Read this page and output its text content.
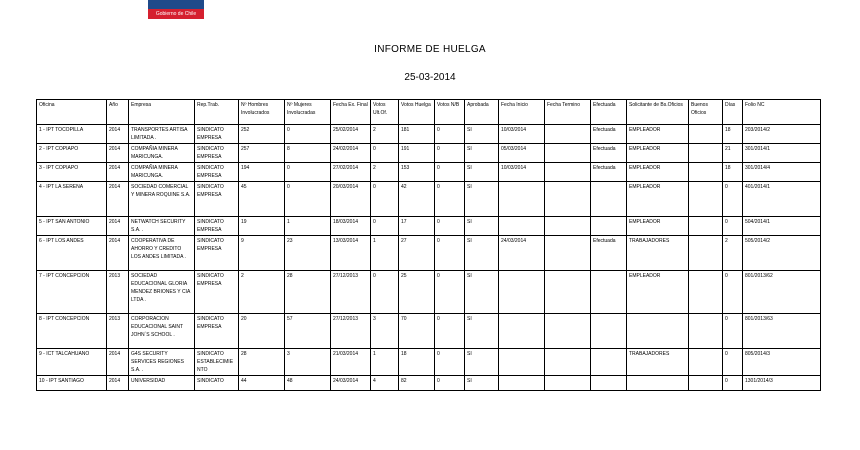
Gobierno de Chile
INFORME DE HUELGA
25-03-2014
Oficina	Año	Empresa	Rep.Trab.	Nº Hombres Involucrados	Nº Mujeres Involucradas	Fecha Ex. Final	Votos Ult.Of.	Votos Huelga	Votos N/B	Aprobada	Fecha Inicio	Fecha Termino	Efectuada	Solicitante de Bs.Oficios	Buenos Oficios	Días	Folio NC
1 - IPT TOCOPILLA	2014	TRANSPORTES ARTISA LIMITADA .	SINDICATO EMPRESA	252	0	25/02/2014	2	181	0	SI	10/03/2014		Efectuada	EMPLEADOR		18	203/2014/2
2 - IPT COPIAPO	2014	COMPAÑIA MINERA MARICUNGA.	SINDICATO EMPRESA	257	8	24/02/2014	0	191	0	SI	05/03/2014		Efectuada	EMPLEADOR		21	301/2014/1
3 - IPT COPIAPO	2014	COMPAÑIA MINERA MARICUNGA.	SINDICATO EMPRESA	194	0	27/02/2014	2	153	0	SI	10/03/2014		Efectuada	EMPLEADOR		18	301/2014/4
4 - IPT LA SERENA	2014	SOCIEDAD COMERCIAL Y MINERA ROQUINE S.A.	SINDICATO EMPRESA	45	0	20/03/2014	0	42	0	SI				EMPLEADOR		0	401/2014/1
5 - IPT SAN ANTONIO	2014	NETWATCH SECURITY S.A. .	SINDICATO EMPRESA	19	1	18/03/2014	0	17	0	SI				EMPLEADOR		0	504/2014/1
6 - IPT LOS ANDES	2014	COOPERATIVA DE AHORRO Y CREDITO LOS ANDES LIMITADA .	SINDICATO EMPRESA	9	23	13/03/2014	1	27	0	SI	24/03/2014		Efectuada	TRABAJADORES		2	505/2014/2
7 - IPT CONCEPCION	2013	SOCIEDAD EDUCACIONAL GLORIA MENDEZ BRIONES Y CIA LTDA .	SINDICATO EMPRESA	2	28	27/12/2013	0	25	0	SI				EMPLEADOR		0	801/2013/62
8 - IPT CONCEPCION	2013	CORPORACION EDUCACIONAL SAINT JOHN`S SCHOOL .	SINDICATO EMPRESA	20	57	27/12/2013	3	70	0	SI						0	801/2013/63
9 - ICT TALCAHUANO	2014	G4S SECURITY SERVICES REGIONES S.A. .	SINDICATO ESTABLECIMIENTO	28	3	21/03/2014	1	18	0	SI				TRABAJADORES		0	805/2014/3
10 - IPT SANTIAGO	2014	UNIVERSIDAD	SINDICATO	44	48	24/03/2014	4	82	0	SI						0	1301/2014/3
